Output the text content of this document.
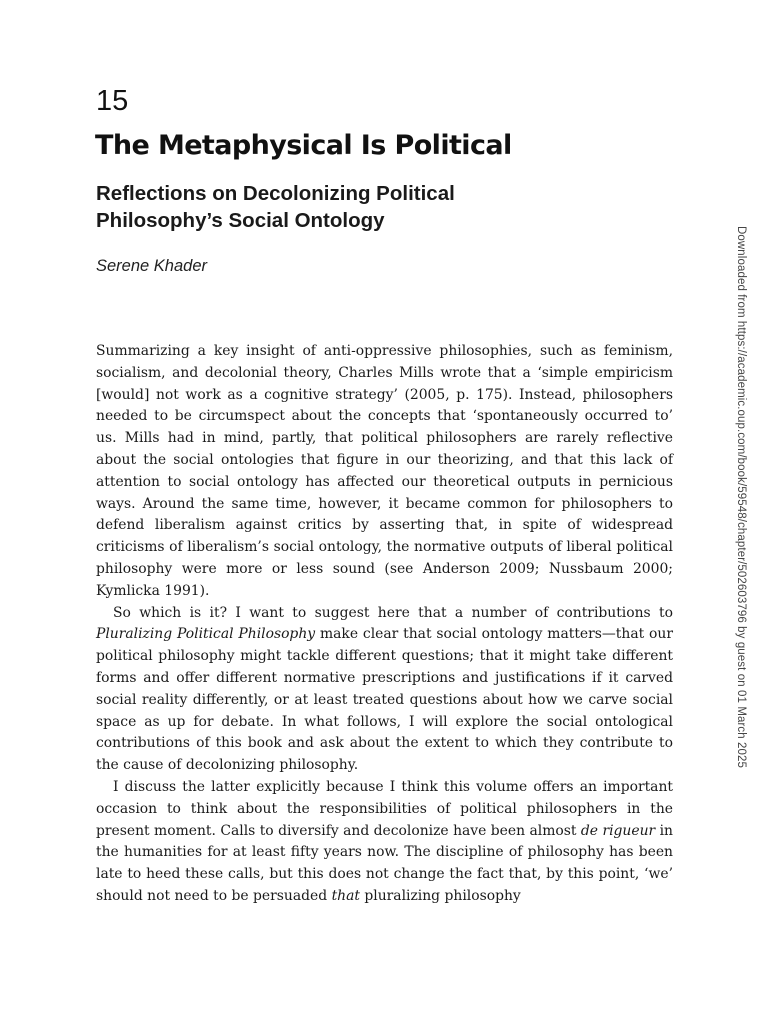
15
The Metaphysical Is Political
Reflections on Decolonizing Political Philosophy’s Social Ontology
Serene Khader

Summarizing a key insight of anti-oppressive philosophies, such as feminism, socialism, and decolonial theory, Charles Mills wrote that a ‘simple empiricism [would] not work as a cognitive strategy’ (2005, p. 175). Instead, philosophers needed to be circumspect about the concepts that ‘spontaneously occurred to’ us. Mills had in mind, partly, that political philosophers are rarely reflective about the social ontologies that figure in our theorizing, and that this lack of attention to social ontology has affected our theoretical outputs in pernicious ways. Around the same time, however, it became common for philosophers to defend liberalism against critics by asserting that, in spite of widespread criticisms of liberalism’s social ontology, the normative outputs of liberal political philosophy were more or less sound (see Anderson 2009; Nussbaum 2000; Kymlicka 1991).

So which is it? I want to suggest here that a number of contributions to Pluralizing Political Philosophy make clear that social ontology matters—that our political philosophy might tackle different questions; that it might take different forms and offer different normative prescriptions and justifications if it carved social reality differently, or at least treated questions about how we carve social space as up for debate. In what follows, I will explore the social ontological contributions of this book and ask about the extent to which they contribute to the cause of decolonizing philosophy.

I discuss the latter explicitly because I think this volume offers an important occasion to think about the responsibilities of political philosophers in the present moment. Calls to diversify and decolonize have been almost de rigueur in the humanities for at least fifty years now. The discipline of philosophy has been late to heed these calls, but this does not change the fact that, by this point, ‘we’ should not need to be persuaded that pluralizing philosophy

Downloaded from https://academic.oup.com/book/59548/chapter/502603796 by guest on 01 March 2025
